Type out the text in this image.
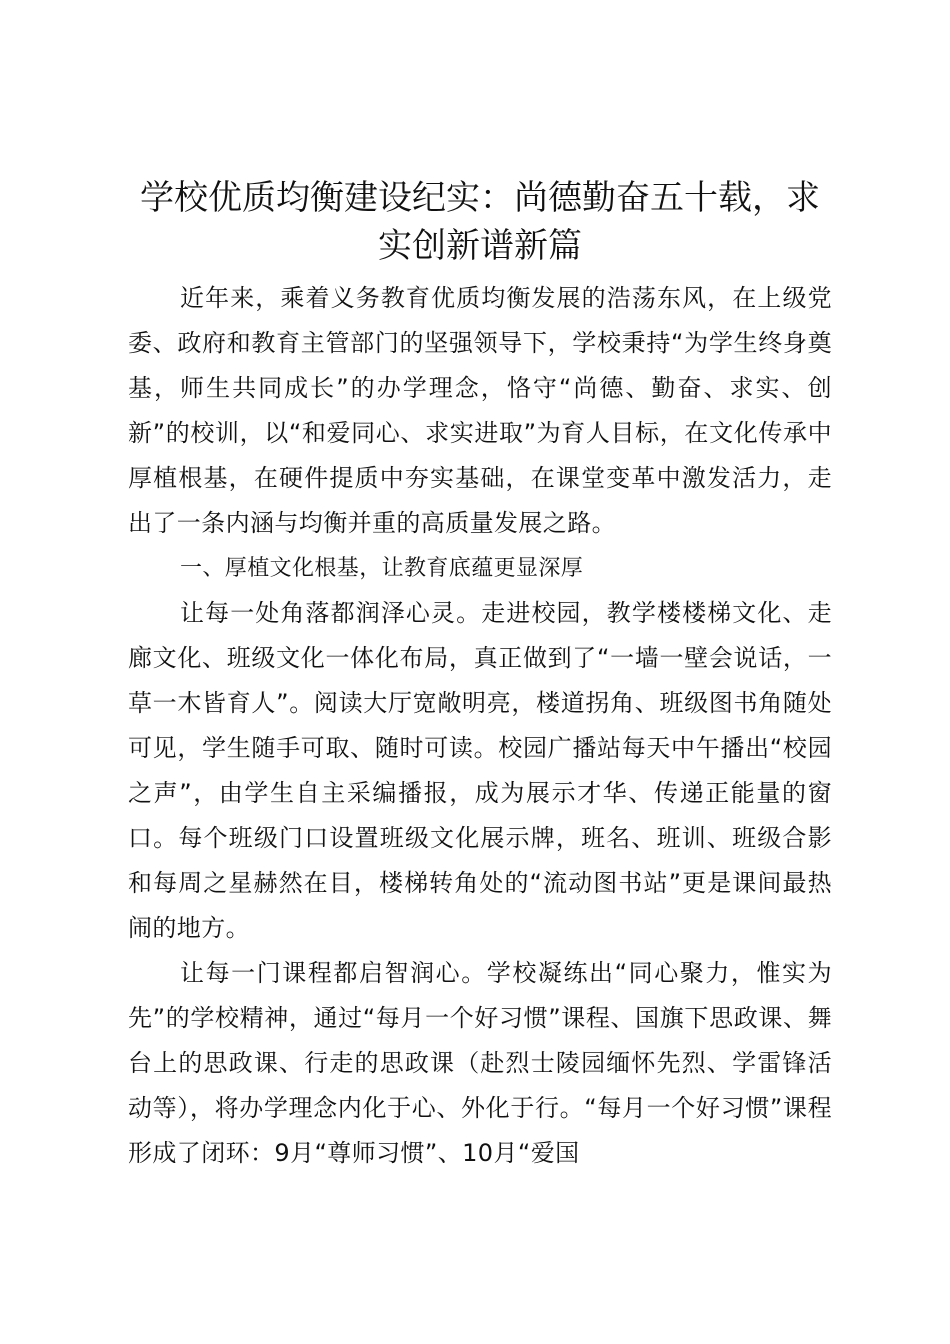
学校优质均衡建设纪实：尚德勤奋五十载，求实创新谱新篇

近年来，乘着义务教育优质均衡发展的浩荡东风，在上级党委、政府和教育主管部门的坚强领导下，学校秉持“为学生终身奠基，师生共同成长”的办学理念，恪守“尚德、勤奋、求实、创新”的校训，以“和爱同心、求实进取”为育人目标，在文化传承中厚植根基，在硬件提质中夯实基础，在课堂变革中激发活力，走出了一条内涵与均衡并重的高质量发展之路。

一、厚植文化根基，让教育底蕴更显深厚

让每一处角落都润泽心灵。走进校园，教学楼楼梯文化、走廊文化、班级文化一体化布局，真正做到了“一墙一壁会说话，一草一木皆育人”。阅读大厅宽敞明亮，楼道拐角、班级图书角随处可见，学生随手可取、随时可读。校园广播站每天中午播出“校园之声”，由学生自主采编播报，成为展示才华、传递正能量的窗口。每个班级门口设置班级文化展示牌，班名、班训、班级合影和每周之星赫然在目，楼梯转角处的“流动图书站”更是课间最热闹的地方。

让每一门课程都启智润心。学校凝练出“同心聚力，惟实为先”的学校精神，通过“每月一个好习惯”课程、国旗下思政课、舞台上的思政课、行走的思政课（赴烈士陵园缅怀先烈、学雷锋活动等），将办学理念内化于心、外化于行。“每月一个好习惯”课程形成了闭环：9月“尊师习惯”、10月“爱国
